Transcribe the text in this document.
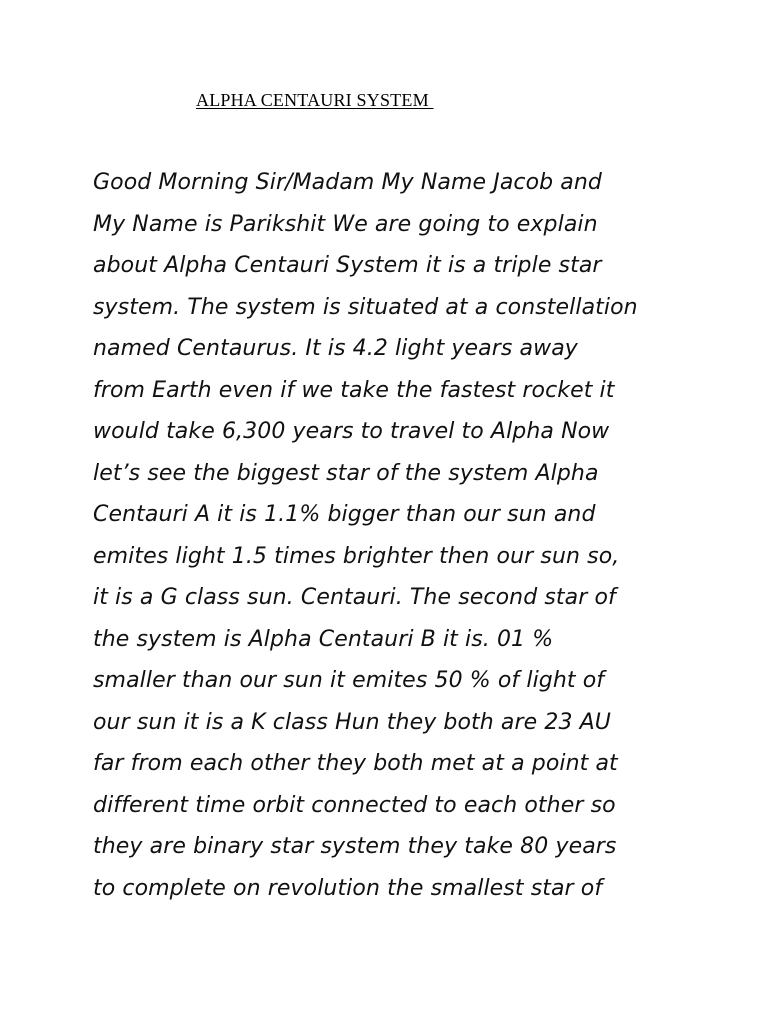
ALPHA CENTAURI SYSTEM
Good Morning Sir/Madam My Name Jacob and
My Name is Parikshit We are going to explain
about Alpha Centauri System it is a triple star
system. The system is situated at a constellation
named Centaurus. It is 4.2 light years away
from Earth even if we take the fastest rocket it
would take 6,300 years to travel to Alpha Now
let’s see the biggest star of the system Alpha
Centauri A it is 1.1% bigger than our sun and
emites light 1.5 times brighter then our sun so,
it is a G class sun. Centauri. The second star of
the system is Alpha Centauri B it is. 01 %
smaller than our sun it emites 50 % of light of
our sun it is a K class Hun they both are 23 AU
far from each other they both met at a point at
different time orbit connected to each other so
they are binary star system they take 80 years
to complete on revolution the smallest star of
